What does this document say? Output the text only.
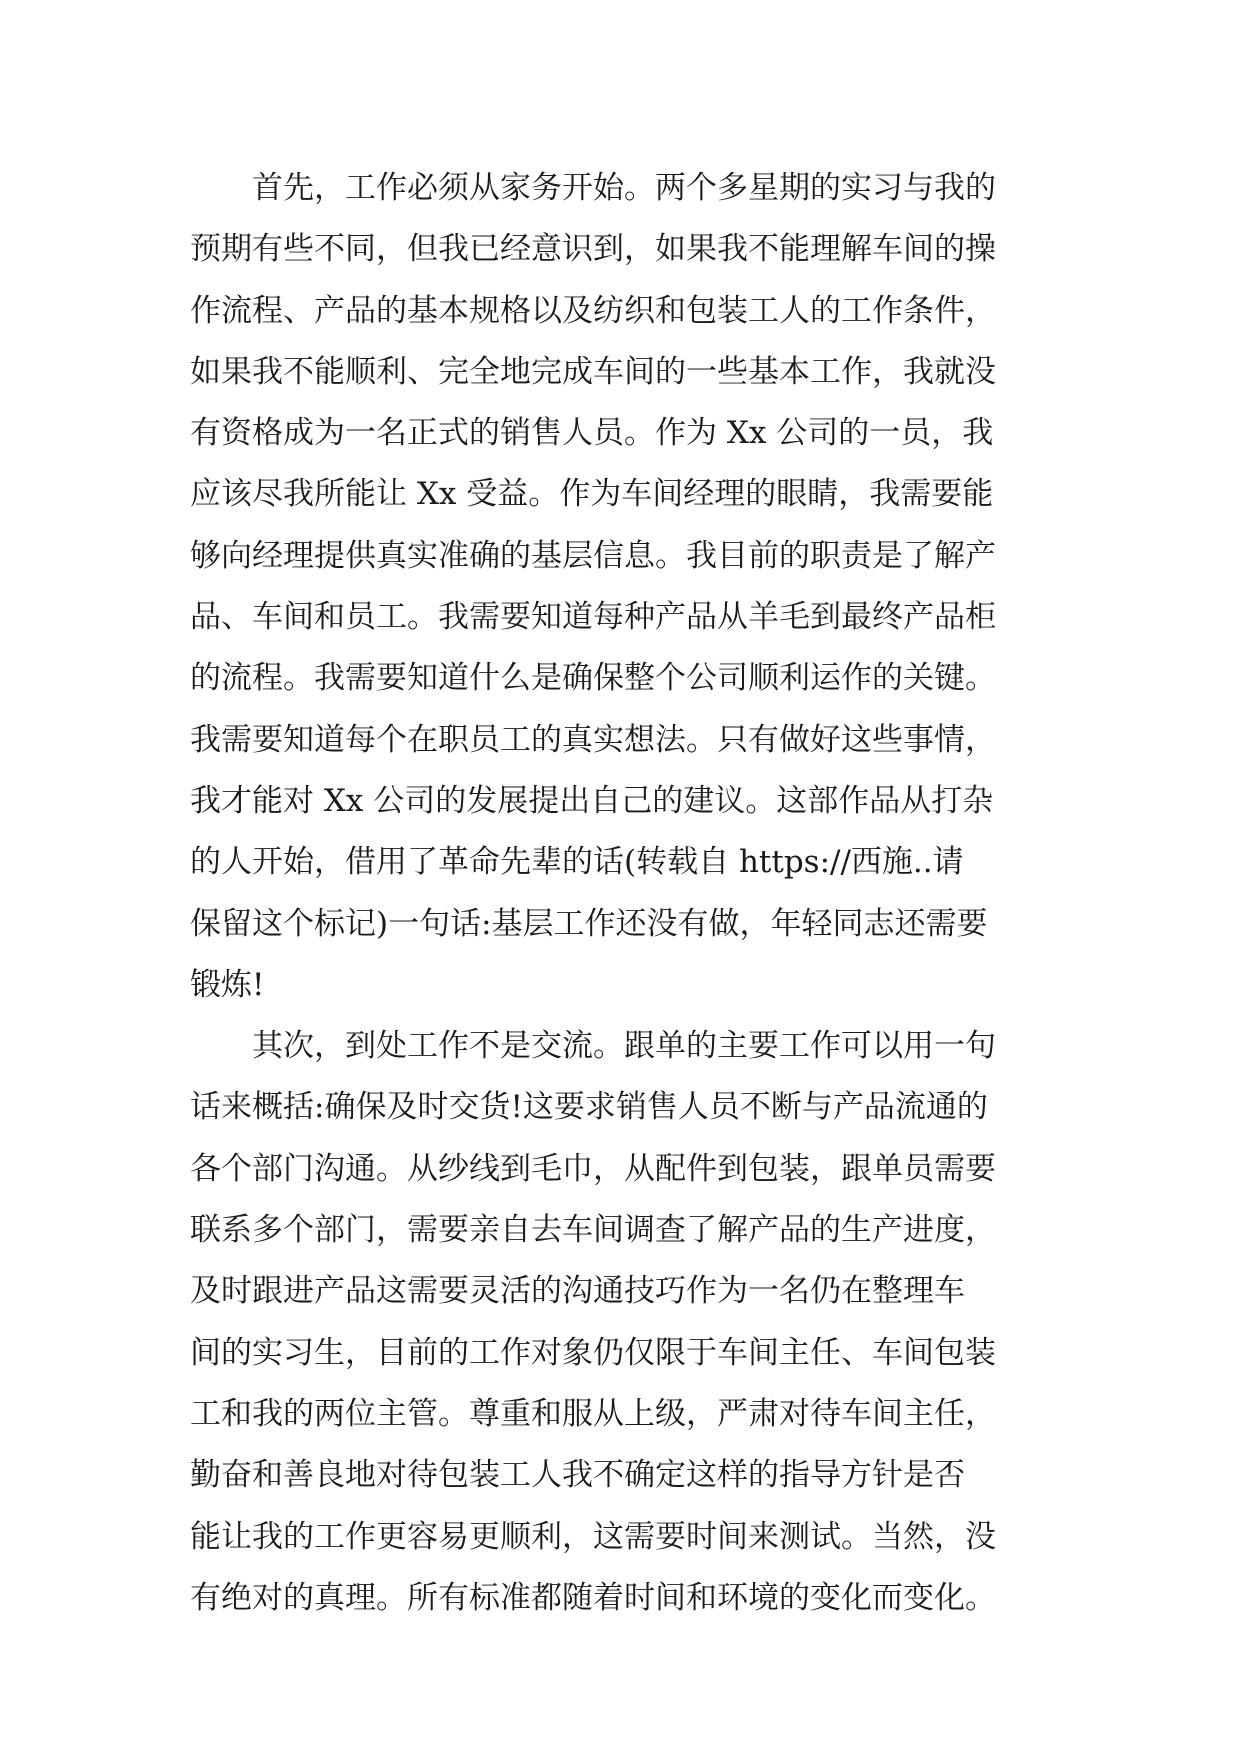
首先，工作必须从家务开始。两个多星期的实习与我的
预期有些不同，但我已经意识到，如果我不能理解车间的操
作流程、产品的基本规格以及纺织和包装工人的工作条件，
如果我不能顺利、完全地完成车间的一些基本工作，我就没
有资格成为一名正式的销售人员。作为 Xx 公司的一员，我
应该尽我所能让 Xx 受益。作为车间经理的眼睛，我需要能
够向经理提供真实准确的基层信息。我目前的职责是了解产
品、车间和员工。我需要知道每种产品从羊毛到最终产品柜
的流程。我需要知道什么是确保整个公司顺利运作的关键。
我需要知道每个在职员工的真实想法。只有做好这些事情，
我才能对 Xx 公司的发展提出自己的建议。这部作品从打杂
的人开始，借用了革命先辈的话(转载自 https://西施..请
保留这个标记)一句话:基层工作还没有做，年轻同志还需要
锻炼!
其次，到处工作不是交流。跟单的主要工作可以用一句
话来概括:确保及时交货!这要求销售人员不断与产品流通的
各个部门沟通。从纱线到毛巾，从配件到包装，跟单员需要
联系多个部门，需要亲自去车间调查了解产品的生产进度，
及时跟进产品这需要灵活的沟通技巧作为一名仍在整理车
间的实习生，目前的工作对象仍仅限于车间主任、车间包装
工和我的两位主管。尊重和服从上级，严肃对待车间主任，
勤奋和善良地对待包装工人我不确定这样的指导方针是否
能让我的工作更容易更顺利，这需要时间来测试。当然，没
有绝对的真理。所有标准都随着时间和环境的变化而变化。
